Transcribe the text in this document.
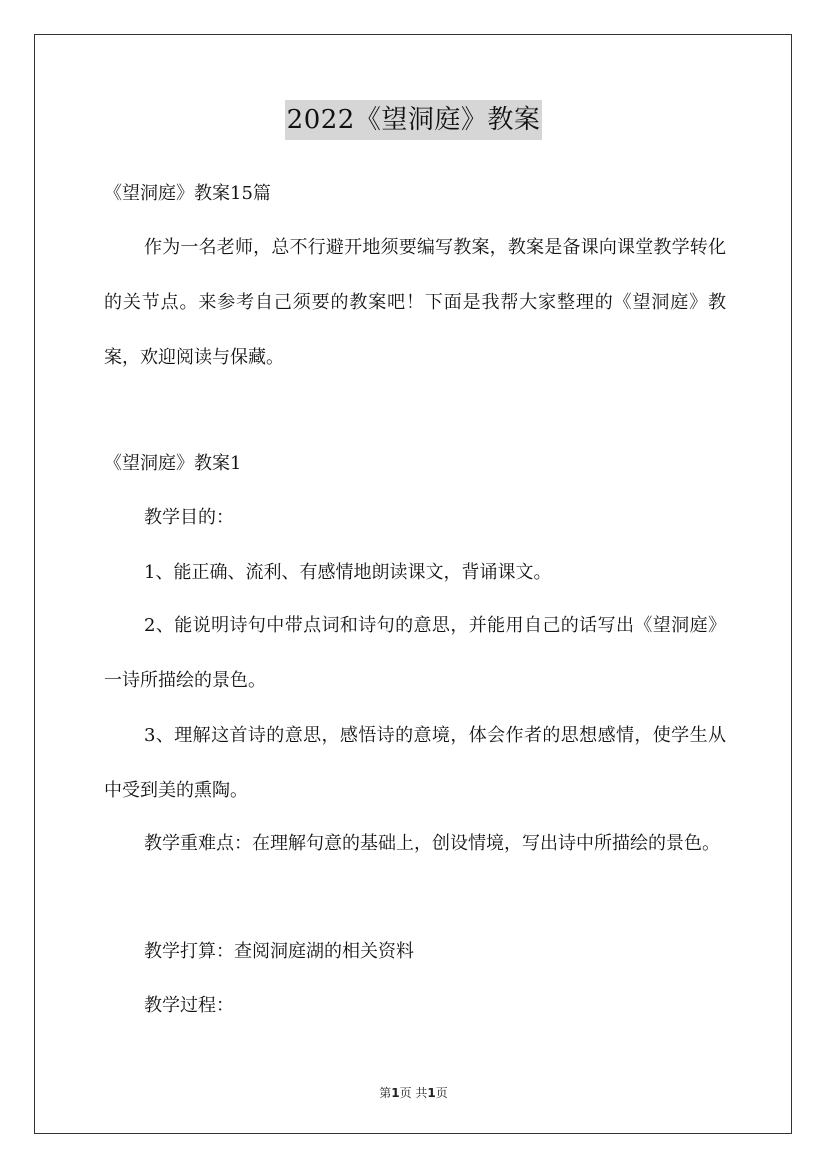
2022《望洞庭》教案
《望洞庭》教案15篇
作为一名老师，总不行避开地须要编写教案，教案是备课向课堂教学转化的关节点。来参考自己须要的教案吧！下面是我帮大家整理的《望洞庭》教案，欢迎阅读与保藏。
《望洞庭》教案1
教学目的：
1、能正确、流利、有感情地朗读课文，背诵课文。
2、能说明诗句中带点词和诗句的意思，并能用自己的话写出《望洞庭》一诗所描绘的景色。
3、理解这首诗的意思，感悟诗的意境，体会作者的思想感情，使学生从中受到美的熏陶。
教学重难点：在理解句意的基础上，创设情境，写出诗中所描绘的景色。
教学打算：查阅洞庭湖的相关资料
教学过程：
第1页 共1页
